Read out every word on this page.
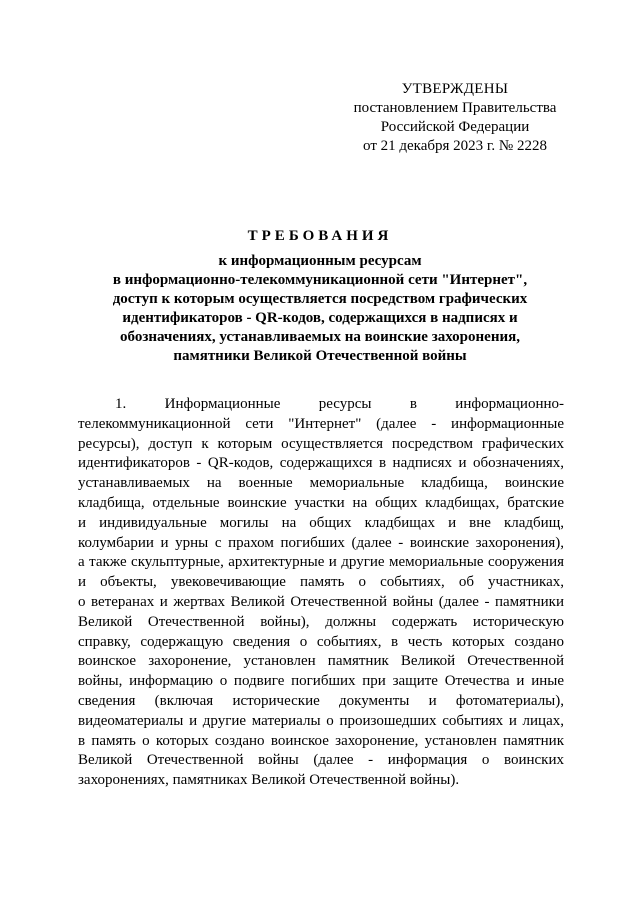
УТВЕРЖДЕНЫ
постановлением Правительства
Российской Федерации
от 21 декабря 2023 г. № 2228
ТРЕБОВАНИЯ
к информационным ресурсам
в информационно-телекоммуникационной сети "Интернет",
доступ к которым осуществляется посредством графических
идентификаторов - QR-кодов, содержащихся в надписях и
обозначениях, устанавливаемых на воинские захоронения,
памятники Великой Отечественной войны
1. Информационные ресурсы в информационно-
телекоммуникационной сети "Интернет" (далее - информационные
ресурсы), доступ к которым осуществляется посредством графических
идентификаторов - QR-кодов, содержащихся в надписях и обозначениях,
устанавливаемых на военные мемориальные кладбища, воинские
кладбища, отдельные воинские участки на общих кладбищах, братские
и индивидуальные могилы на общих кладбищах и вне кладбищ,
колумбарии и урны с прахом погибших (далее - воинские захоронения),
а также скульптурные, архитектурные и другие мемориальные сооружения
и объекты, увековечивающие память о событиях, об участниках,
о ветеранах и жертвах Великой Отечественной войны (далее - памятники
Великой Отечественной войны), должны содержать историческую
справку, содержащую сведения о событиях, в честь которых создано
воинское захоронение, установлен памятник Великой Отечественной
войны, информацию о подвиге погибших при защите Отечества и иные
сведения (включая исторические документы и фотоматериалы),
видеоматериалы и другие материалы о произошедших событиях и лицах,
в память о которых создано воинское захоронение, установлен памятник
Великой Отечественной войны (далее - информация о воинских
захоронениях, памятниках Великой Отечественной войны).
